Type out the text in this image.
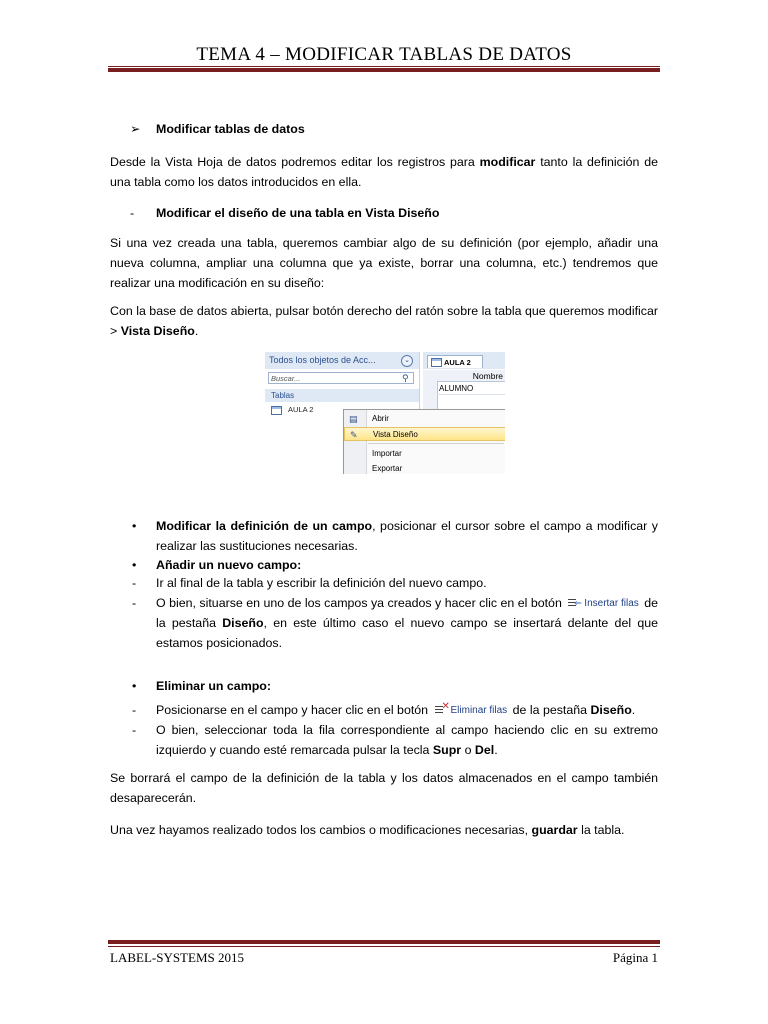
TEMA 4 – MODIFICAR TABLAS DE DATOS
➢	Modificar tablas de datos
Desde la Vista Hoja de datos podremos editar los registros para modificar tanto la definición de una tabla como los datos introducidos en ella.
-	Modificar el diseño de una tabla en Vista Diseño
Si una vez creada una tabla, queremos cambiar algo de su definición (por ejemplo, añadir una nueva columna, ampliar una columna que ya existe, borrar una columna, etc.) tendremos que realizar una modificación en su diseño:
Con la base de datos abierta, pulsar botón derecho del ratón sobre la tabla que queremos modificar > Vista Diseño.
Todos los objetos de Acc...	⌄
Buscar...	⚲
Tablas
AULA 2
AULA 2
Nombre
ALUMNO
▤ Abrir
✎	Vista Diseño
Importar
Exportar
•	Modificar la definición de un campo, posicionar el cursor sobre el campo a modificar y realizar las sustituciones necesarias.
•	Añadir un nuevo campo:
-	Ir al final de la tabla y escribir la definición del nuevo campo.
-	O bien, situarse en uno de los campos ya creados y hacer clic en el botón ⇐ Insertar filas de la pestaña Diseño, en este último caso el nuevo campo se insertará delante del que estamos posicionados.
•	Eliminar un campo:
-	Posicionarse en el campo y hacer clic en el botón ✕ Eliminar filas de la pestaña Diseño.
-	O bien, seleccionar toda la fila correspondiente al campo haciendo clic en su extremo izquierdo y cuando esté remarcada pulsar la tecla Supr o Del.
Se borrará el campo de la definición de la tabla y los datos almacenados en el campo también desaparecerán.
Una vez hayamos realizado todos los cambios o modificaciones necesarias, guardar la tabla.
LABEL-SYSTEMS 2015	Página 1
